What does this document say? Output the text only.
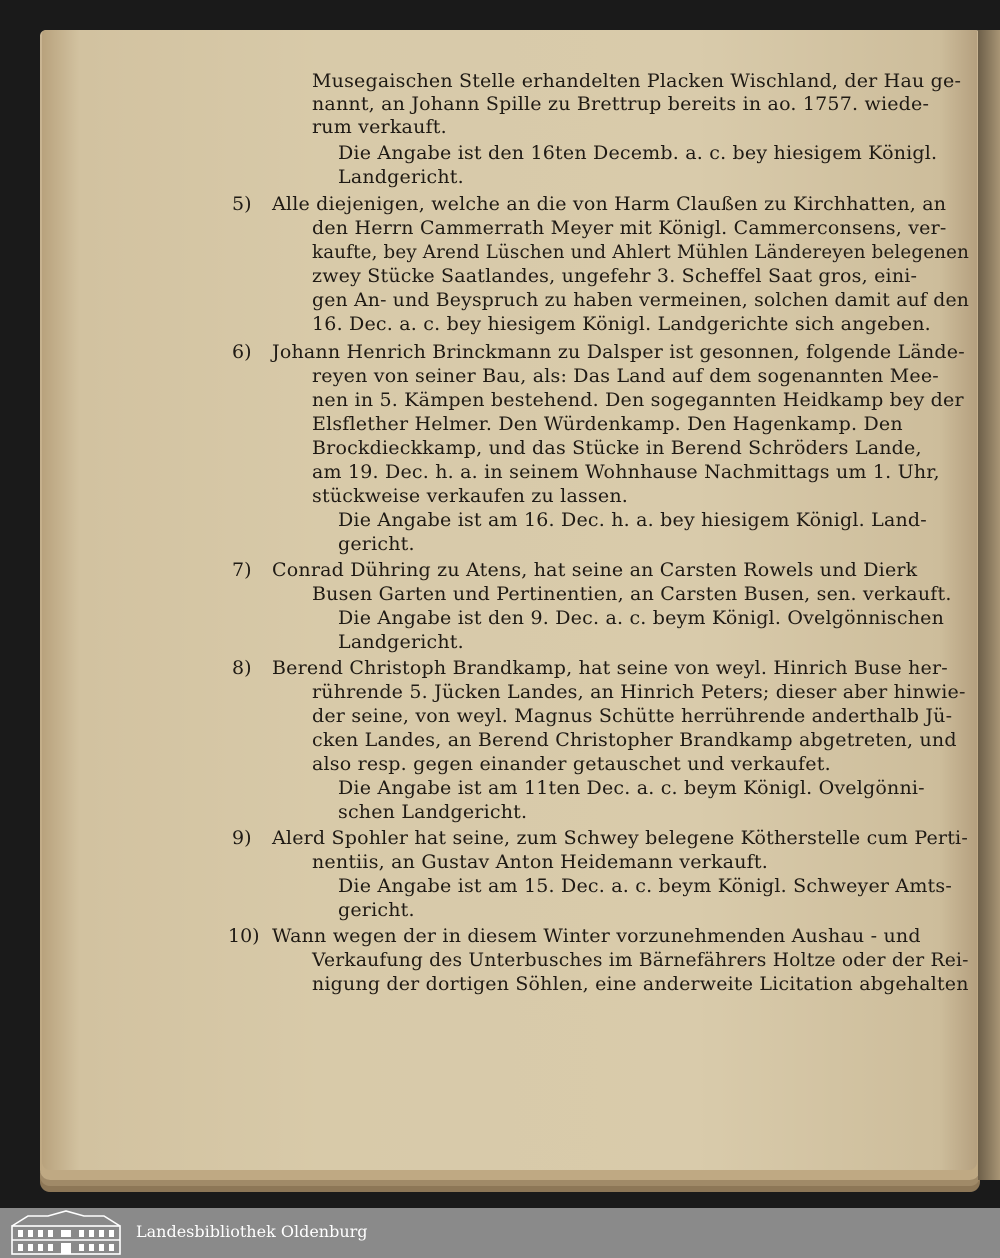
Musegaischen Stelle erhandelten Placken Wischland, der Hau ge-
nannt, an Johann Spille zu Brettrup bereits in ao. 1757. wiede-
rum verkauft.
Die Angabe ist den 16ten Decemb. a. c. bey hiesigem Königl.
Landgericht.
5) Alle diejenigen, welche an die von Harm Claußen zu Kirchhatten, an
den Herrn Cammerrath Meyer mit Königl. Cammerconsens, ver-
kaufte, bey Arend Lüschen und Ahlert Mühlen Ländereyen belegenen
zwey Stücke Saatlandes, ungefehr 3. Scheffel Saat gros, eini-
gen An- und Beyspruch zu haben vermeinen, solchen damit auf den
16. Dec. a. c. bey hiesigem Königl. Landgerichte sich angeben.
6) Johann Henrich Brinckmann zu Dalsper ist gesonnen, folgende Lände-
reyen von seiner Bau, als: Das Land auf dem sogenannten Mee-
nen in 5. Kämpen bestehend. Den sogegannten Heidkamp bey der
Elsflether Helmer. Den Würdenkamp. Den Hagenkamp. Den
Brockdieckkamp, und das Stücke in Berend Schröders Lande,
am 19. Dec. h. a. in seinem Wohnhause Nachmittags um 1. Uhr,
stückweise verkaufen zu lassen.
Die Angabe ist am 16. Dec. h. a. bey hiesigem Königl. Land-
gericht.
7) Conrad Dühring zu Atens, hat seine an Carsten Rowels und Dierk
Busen Garten und Pertinentien, an Carsten Busen, sen. verkauft.
Die Angabe ist den 9. Dec. a. c. beym Königl. Ovelgönnischen
Landgericht.
8) Berend Christoph Brandkamp, hat seine von weyl. Hinrich Buse her-
rührende 5. Jücken Landes, an Hinrich Peters; dieser aber hinwie-
der seine, von weyl. Magnus Schütte herrührende anderthalb Jü-
cken Landes, an Berend Christopher Brandkamp abgetreten, und
also resp. gegen einander getauschet und verkaufet.
Die Angabe ist am 11ten Dec. a. c. beym Königl. Ovelgönni-
schen Landgericht.
9) Alerd Spohler hat seine, zum Schwey belegene Kötherstelle cum Perti-
nentiis, an Gustav Anton Heidemann verkauft.
Die Angabe ist am 15. Dec. a. c. beym Königl. Schweyer Amts-
gericht.
10) Wann wegen der in diesem Winter vorzunehmenden Aushau - und
Verkaufung des Unterbusches im Bärnefährers Holtze oder der Rei-
nigung der dortigen Söhlen, eine anderweite Licitation abgehalten
Landesbibliothek Oldenburg
